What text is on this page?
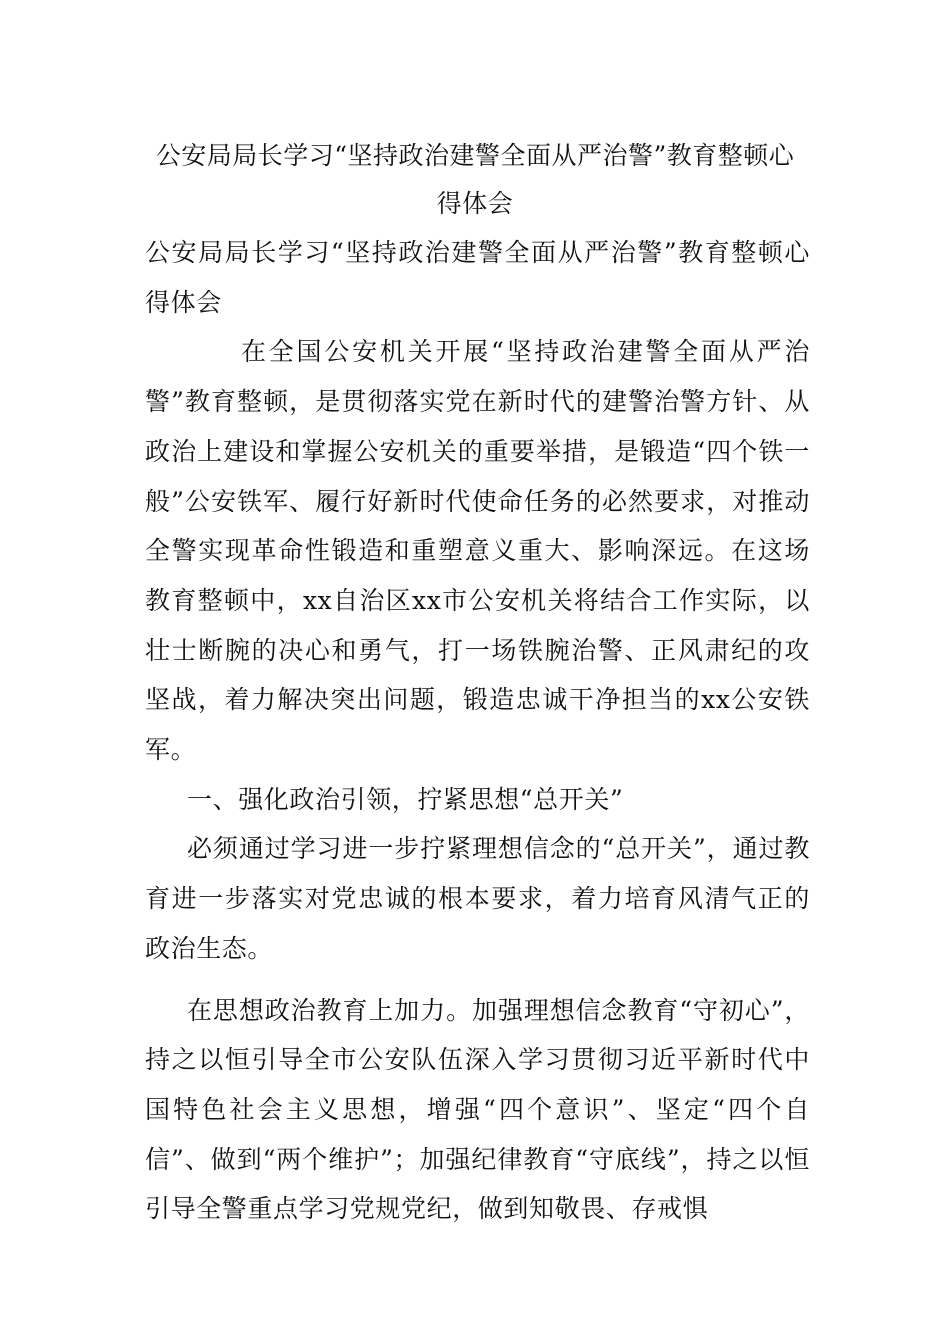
公安局局长学习“坚持政治建警全面从严治警”教育整顿心得体会

公安局局长学习“坚持政治建警全面从严治警”教育整顿心得体会

在全国公安机关开展“坚持政治建警全面从严治警”教育整顿，是贯彻落实党在新时代的建警治警方针、从政治上建设和掌握公安机关的重要举措，是锻造“四个铁一般”公安铁军、履行好新时代使命任务的必然要求，对推动全警实现革命性锻造和重塑意义重大、影响深远。在这场教育整顿中，xx自治区xx市公安机关将结合工作实际，以壮士断腕的决心和勇气，打一场铁腕治警、正风肃纪的攻坚战，着力解决突出问题，锻造忠诚干净担当的xx公安铁军。

一、强化政治引领，拧紧思想“总开关”

必须通过学习进一步拧紧理想信念的“总开关”，通过教育进一步落实对党忠诚的根本要求，着力培育风清气正的政治生态。

在思想政治教育上加力。加强理想信念教育“守初心”，持之以恒引导全市公安队伍深入学习贯彻习近平新时代中国特色社会主义思想，增强“四个意识”、坚定“四个自信”、做到“两个维护”；加强纪律教育“守底线”，持之以恒引导全警重点学习党规党纪，做到知敬畏、存戒惧
